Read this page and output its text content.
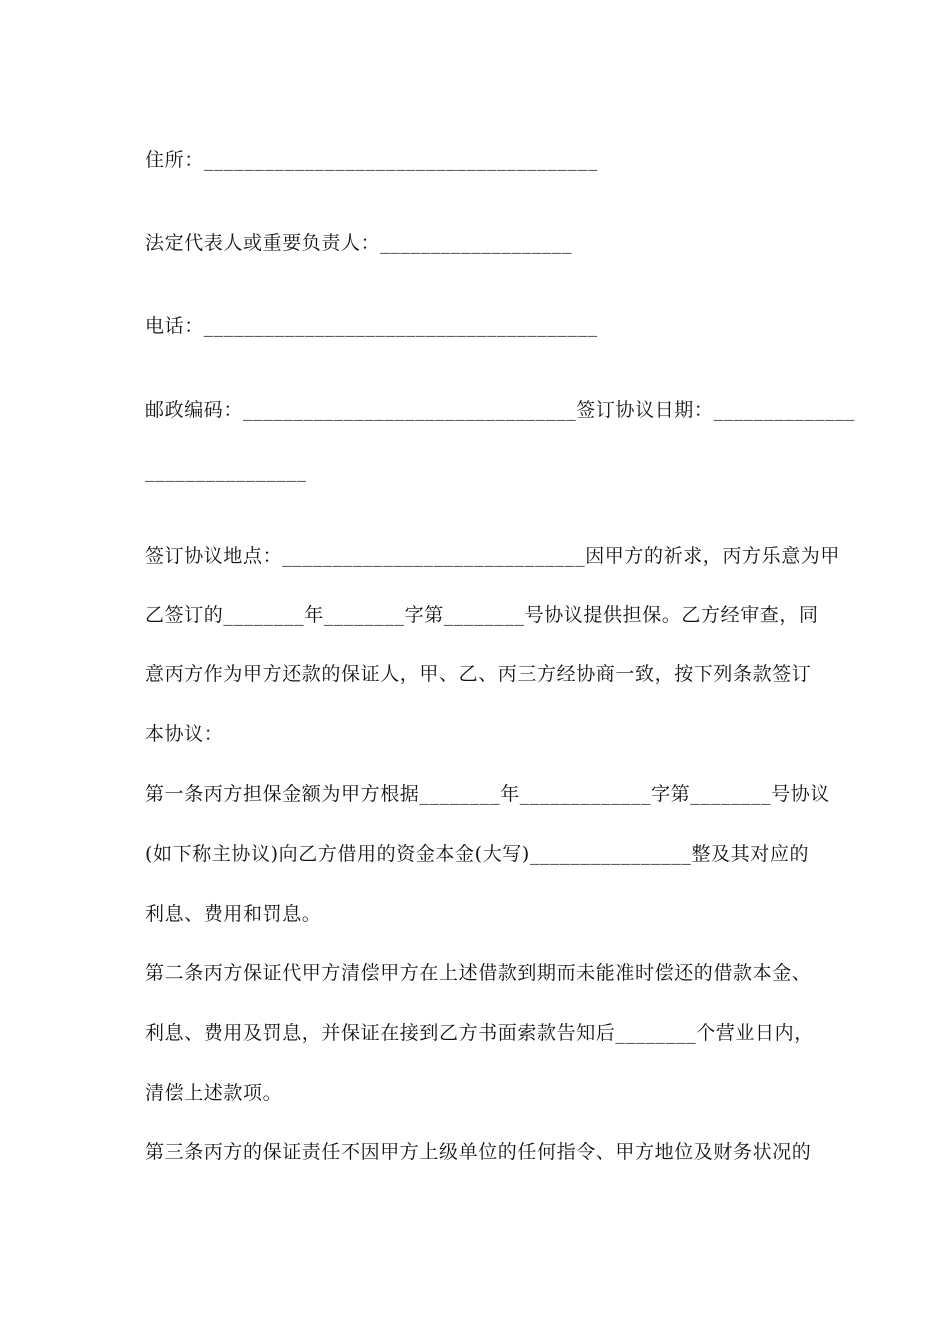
住所：_______________________________________
法定代表人或重要负责人：___________________
电话：_______________________________________
邮政编码：_________________________________签订协议日期：______________
________________
签订协议地点：______________________________因甲方的祈求，丙方乐意为甲
乙签订的________年________字第________号协议提供担保。乙方经审查，同
意丙方作为甲方还款的保证人，甲、乙、丙三方经协商一致，按下列条款签订
本协议：
第一条丙方担保金额为甲方根据________年_____________字第________号协议
(如下称主协议)向乙方借用的资金本金(大写)________________整及其对应的
利息、费用和罚息。
第二条丙方保证代甲方清偿甲方在上述借款到期而未能准时偿还的借款本金、
利息、费用及罚息，并保证在接到乙方书面索款告知后________个营业日内，
清偿上述款项。
第三条丙方的保证责任不因甲方上级单位的任何指令、甲方地位及财务状况的
